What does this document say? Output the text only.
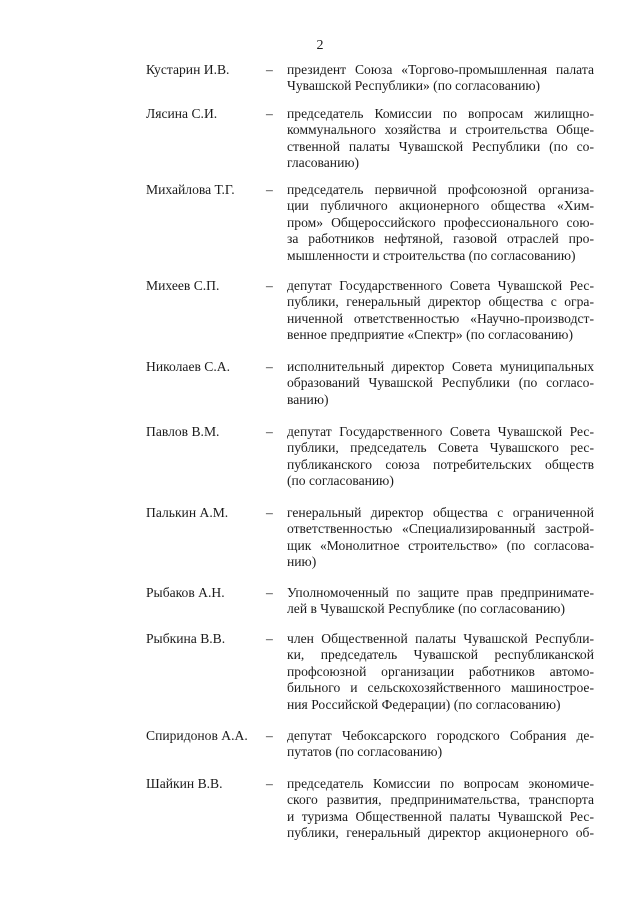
2
Кустарин И.В.	– президент Союза «Торгово-промышленная палата
Чувашской Республики» (по согласованию)

Лясина С.И.	– председатель Комиссии по вопросам жилищно-
коммунального хозяйства и строительства Обще-
ственной палаты Чувашской Республики (по со-
гласованию)

Михайлова Т.Г. – председатель первичной профсоюзной организа-
ции публичного акционерного общества «Хим-
пром» Общероссийского профессионального сою-
за работников нефтяной, газовой отраслей про-
мышленности и строительства (по согласованию)

Михеев С.П.	– депутат Государственного Совета Чувашской Рес-
публики, генеральный директор общества с огра-
ниченной ответственностью «Научно-производст-
венное предприятие «Спектр» (по согласованию)

Николаев С.А.	– исполнительный директор Совета муниципальных
образований Чувашской Республики (по согласо-
ванию)

Павлов В.М.	– депутат Государственного Совета Чувашской Рес-
публики, председатель Совета Чувашского рес-
публиканского союза потребительских обществ
(по согласованию)

Палькин А.М.	– генеральный директор общества с ограниченной
ответственностью «Специализированный застрой-
щик «Монолитное строительство» (по согласова-
нию)

Рыбаков А.Н.	– Уполномоченный по защите прав предпринимате-
лей в Чувашской Республике (по согласованию)

Рыбкина В.В.	– член Общественной палаты Чувашской Республи-
ки, председатель Чувашской республиканской
профсоюзной организации работников автомо-
бильного и сельскохозяйственного машинострое-
ния Российской Федерации) (по согласованию)

Спиридонов А.А. – депутат Чебоксарского городского Собрания де-
путатов (по согласованию)

Шайкин В.В.	– председатель Комиссии по вопросам экономиче-
ского развития, предпринимательства, транспорта
и туризма Общественной палаты Чувашской Рес-
публики, генеральный директор акционерного об-
